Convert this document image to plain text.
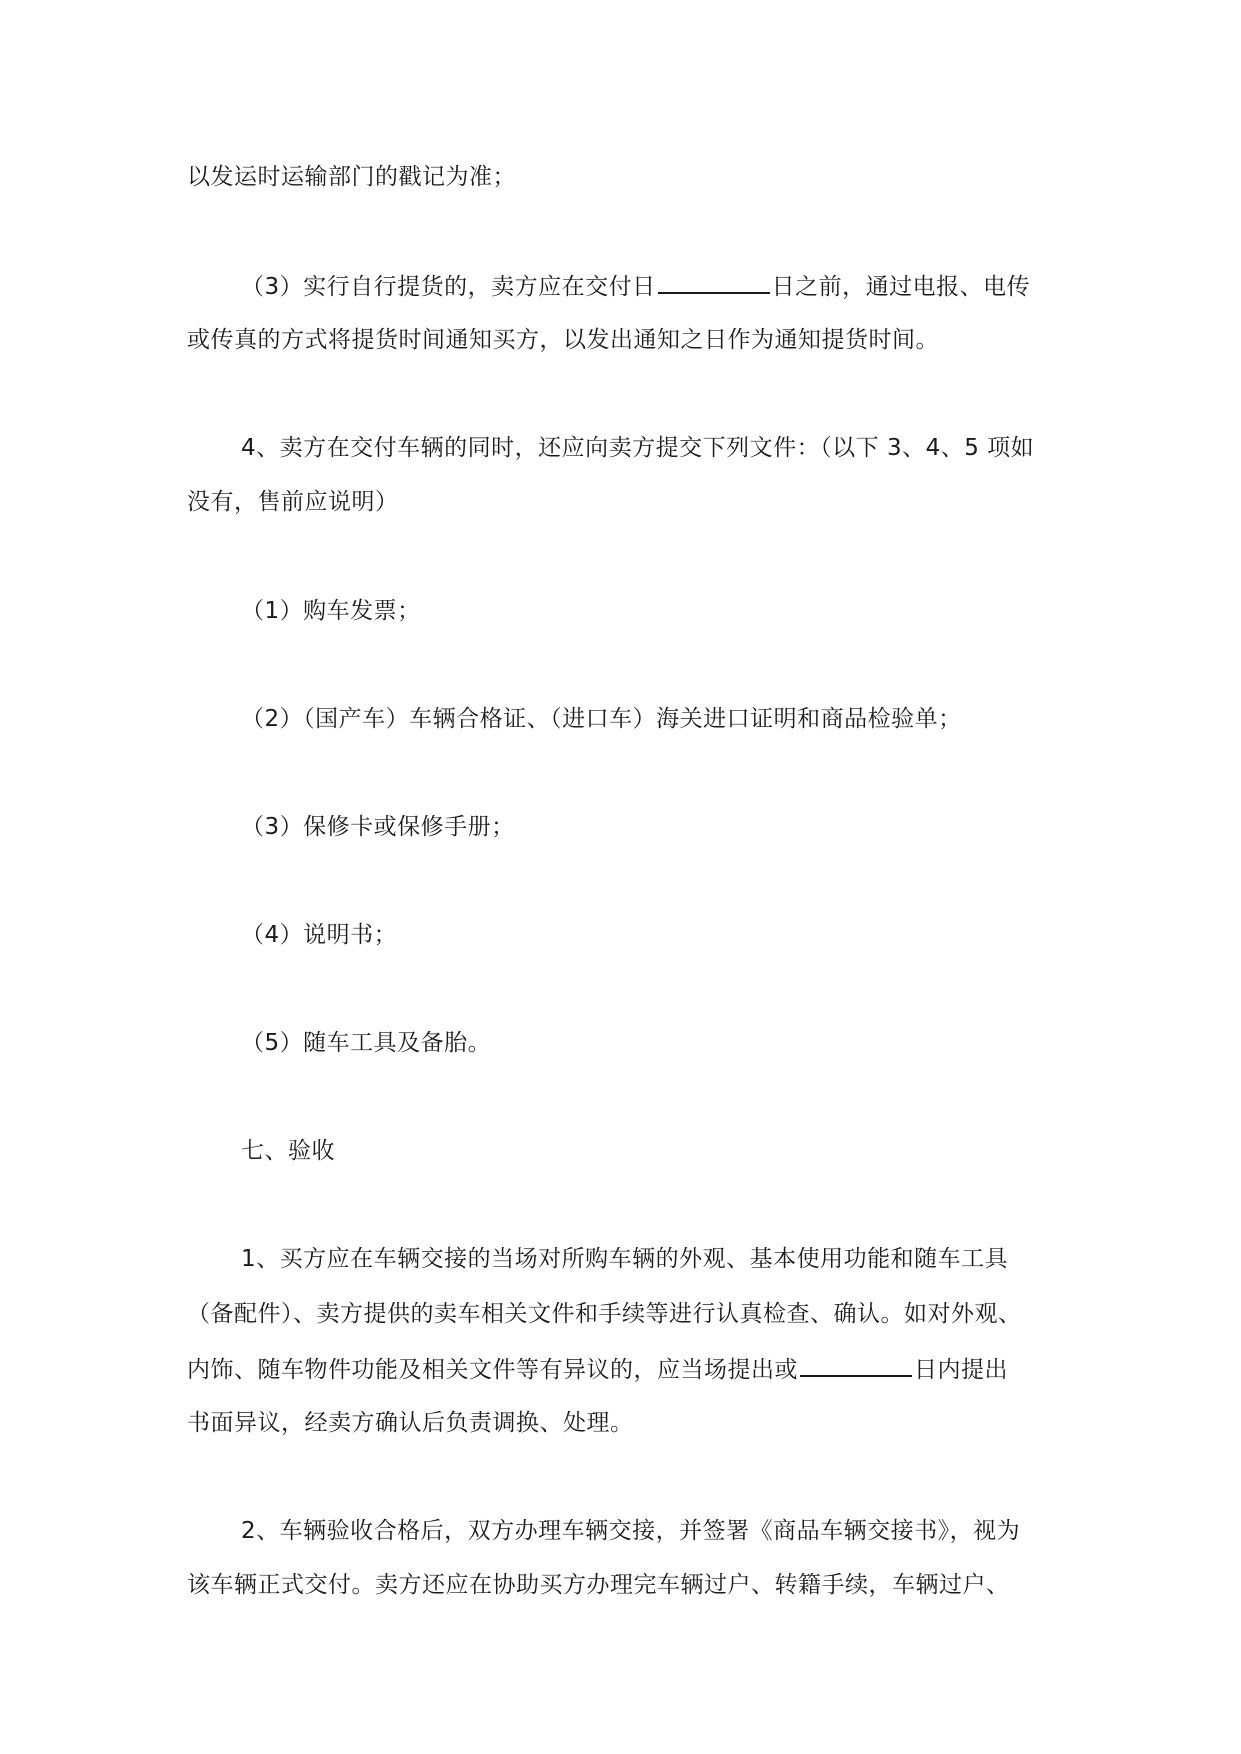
以发运时运输部门的戳记为准；
（3）实行自行提货的，卖方应在交付日	日之前，通过电报、电传
或传真的方式将提货时间通知买方，以发出通知之日作为通知提货时间。
4、卖方在交付车辆的同时，还应向卖方提交下列文件：（以下 3、4、5 项如
没有，售前应说明）
（1）购车发票；
（2）（国产车）车辆合格证、（进口车）海关进口证明和商品检验单；
（3）保修卡或保修手册；
（4）说明书；
（5）随车工具及备胎。
七、验收
1、买方应在车辆交接的当场对所购车辆的外观、基本使用功能和随车工具
（备配件）、卖方提供的卖车相关文件和手续等进行认真检查、确认。如对外观、
内饰、随车物件功能及相关文件等有异议的，应当场提出或	日内提出
书面异议，经卖方确认后负责调换、处理。
2、车辆验收合格后，双方办理车辆交接，并签署《商品车辆交接书》，视为
该车辆正式交付。卖方还应在协助买方办理完车辆过户、转籍手续，车辆过户、
